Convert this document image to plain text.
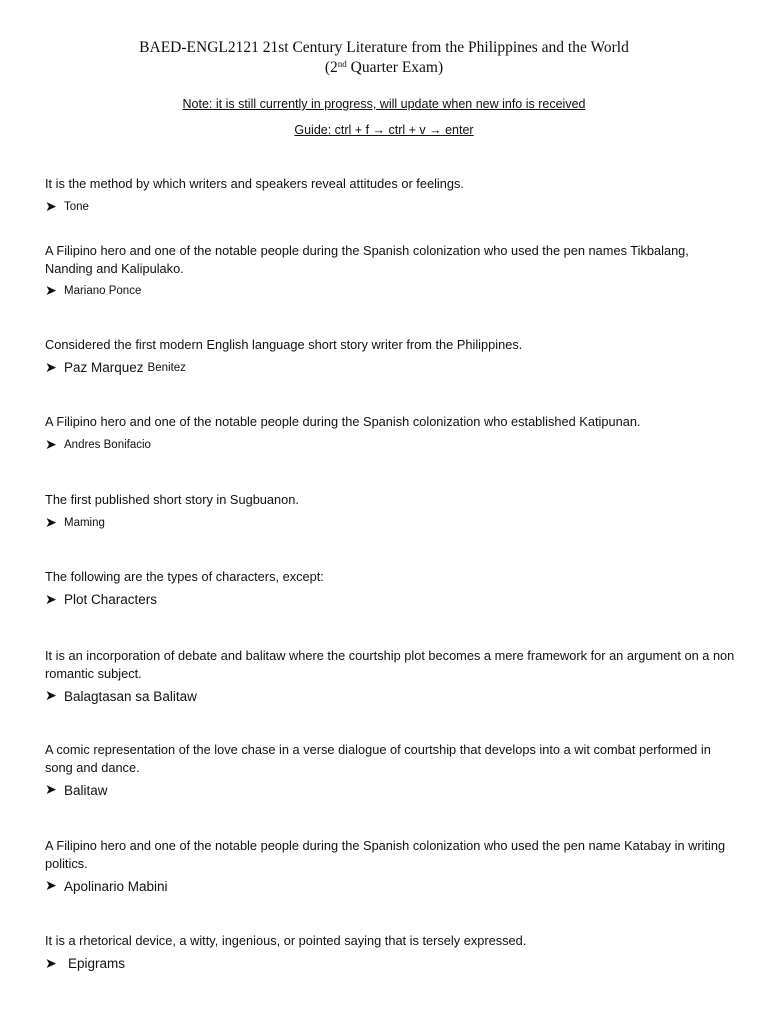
BAED-ENGL2121 21st Century Literature from the Philippines and the World
(2nd Quarter Exam)
Note: it is still currently in progress, will update when new info is received
Guide: ctrl + f → ctrl + v → enter
It is the method by which writers and speakers reveal attitudes or feelings.
➤ Tone
A Filipino hero and one of the notable people during the Spanish colonization who used the pen names Tikbalang, Nanding and Kalipulako.
➤ Mariano Ponce
Considered the first modern English language short story writer from the Philippines.
➤ Paz Marquez Benitez
A Filipino hero and one of the notable people during the Spanish colonization who established Katipunan.
➤ Andres Bonifacio
The first published short story in Sugbuanon.
➤ Maming
The following are the types of characters, except:
➤ Plot Characters
It is an incorporation of debate and balitaw where the courtship plot becomes a mere framework for an argument on a non romantic subject.
➤ Balagtasan sa Balitaw
A comic representation of the love chase in a verse dialogue of courtship that develops into a wit combat performed in song and dance.
➤ Balitaw
A Filipino hero and one of the notable people during the Spanish colonization who used the pen name Katabay in writing politics.
➤ Apolinario Mabini
It is a rhetorical device, a witty, ingenious, or pointed saying that is tersely expressed.
➤ Epigrams
